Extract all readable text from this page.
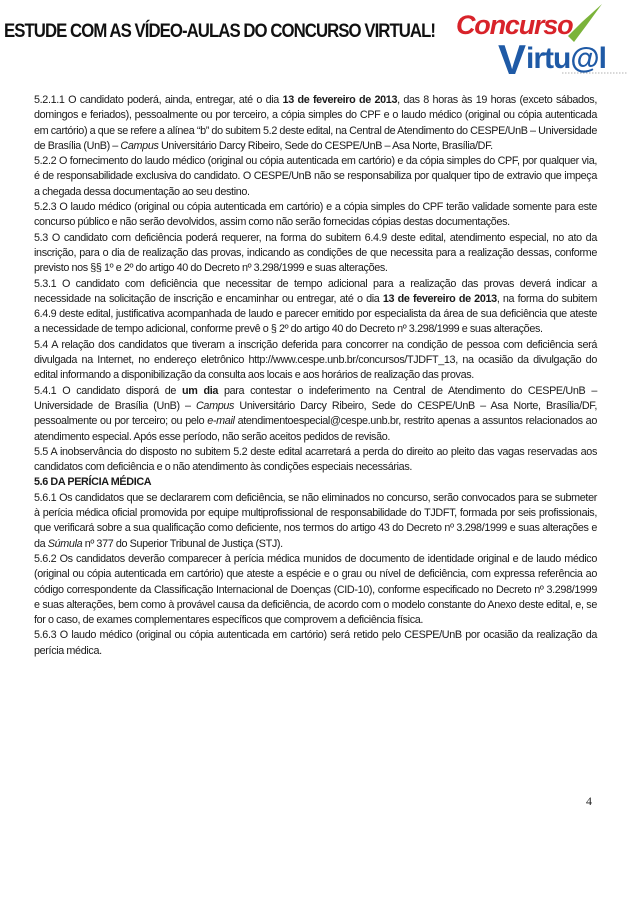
ESTUDE COM AS VÍDEO-AULAS DO CONCURSO VIRTUAL! Concurso
V irtu@l

5.2.1.1 O candidato poderá, ainda, entregar, até o dia 13 de fevereiro de 2013, das 8 horas às 19 horas (exceto sábados, domingos e feriados), pessoalmente ou por terceiro, a cópia simples do CPF e o laudo médico (original ou cópia autenticada em cartório) a que se refere a alínea “b” do subitem 5.2 deste edital, na Central de Atendimento do CESPE/UnB – Universidade de Brasília (UnB) – Campus Universitário Darcy Ribeiro, Sede do CESPE/UnB – Asa Norte, Brasília/DF.

5.2.2 O fornecimento do laudo médico (original ou cópia autenticada em cartório) e da cópia simples do CPF, por qualquer via, é de responsabilidade exclusiva do candidato. O CESPE/UnB não se responsabiliza por qualquer tipo de extravio que impeça a chegada dessa documentação ao seu destino.

5.2.3 O laudo médico (original ou cópia autenticada em cartório) e a cópia simples do CPF terão validade somente para este concurso público e não serão devolvidos, assim como não serão fornecidas cópias destas documentações.

5.3 O candidato com deficiência poderá requerer, na forma do subitem 6.4.9 deste edital, atendimento especial, no ato da inscrição, para o dia de realização das provas, indicando as condições de que necessita para a realização dessas, conforme previsto nos §§ 1º e 2º do artigo 40 do Decreto nº 3.298/1999 e suas alterações.

5.3.1 O candidato com deficiência que necessitar de tempo adicional para a realização das provas deverá indicar a necessidade na solicitação de inscrição e encaminhar ou entregar, até o dia 13 de fevereiro de 2013, na forma do subitem 6.4.9 deste edital, justificativa acompanhada de laudo e parecer emitido por especialista da área de sua deficiência que ateste a necessidade de tempo adicional, conforme prevê o § 2º do artigo 40 do Decreto nº 3.298/1999 e suas alterações.

5.4 A relação dos candidatos que tiveram a inscrição deferida para concorrer na condição de pessoa com deficiência será divulgada na Internet, no endereço eletrônico http://www.cespe.unb.br/concursos/TJDFT_13, na ocasião da divulgação do edital informando a disponibilização da consulta aos locais e aos horários de realização das provas.

5.4.1 O candidato disporá de um dia para contestar o indeferimento na Central de Atendimento do CESPE/UnB – Universidade de Brasília (UnB) – Campus Universitário Darcy Ribeiro, Sede do CESPE/UnB – Asa Norte, Brasília/DF, pessoalmente ou por terceiro; ou pelo e-mail atendimentoespecial@cespe.unb.br, restrito apenas a assuntos relacionados ao atendimento especial. Após esse período, não serão aceitos pedidos de revisão.

5.5 A inobservância do disposto no subitem 5.2 deste edital acarretará a perda do direito ao pleito das vagas reservadas aos candidatos com deficiência e o não atendimento às condições especiais necessárias.

5.6 DA PERÍCIA MÉDICA

5.6.1 Os candidatos que se declararem com deficiência, se não eliminados no concurso, serão convocados para se submeter à perícia médica oficial promovida por equipe multiprofissional de responsabilidade do TJDFT, formada por seis profissionais, que verificará sobre a sua qualificação como deficiente, nos termos do artigo 43 do Decreto nº 3.298/1999 e suas alterações e da Súmula nº 377 do Superior Tribunal de Justiça (STJ).

5.6.2 Os candidatos deverão comparecer à perícia médica munidos de documento de identidade original e de laudo médico (original ou cópia autenticada em cartório) que ateste a espécie e o grau ou nível de deficiência, com expressa referência ao código correspondente da Classificação Internacional de Doenças (CID-10), conforme especificado no Decreto nº 3.298/1999 e suas alterações, bem como à provável causa da deficiência, de acordo com o modelo constante do Anexo deste edital, e, se for o caso, de exames complementares específicos que comprovem a deficiência física.

5.6.3 O laudo médico (original ou cópia autenticada em cartório) será retido pelo CESPE/UnB por ocasião da realização da perícia médica.

4
